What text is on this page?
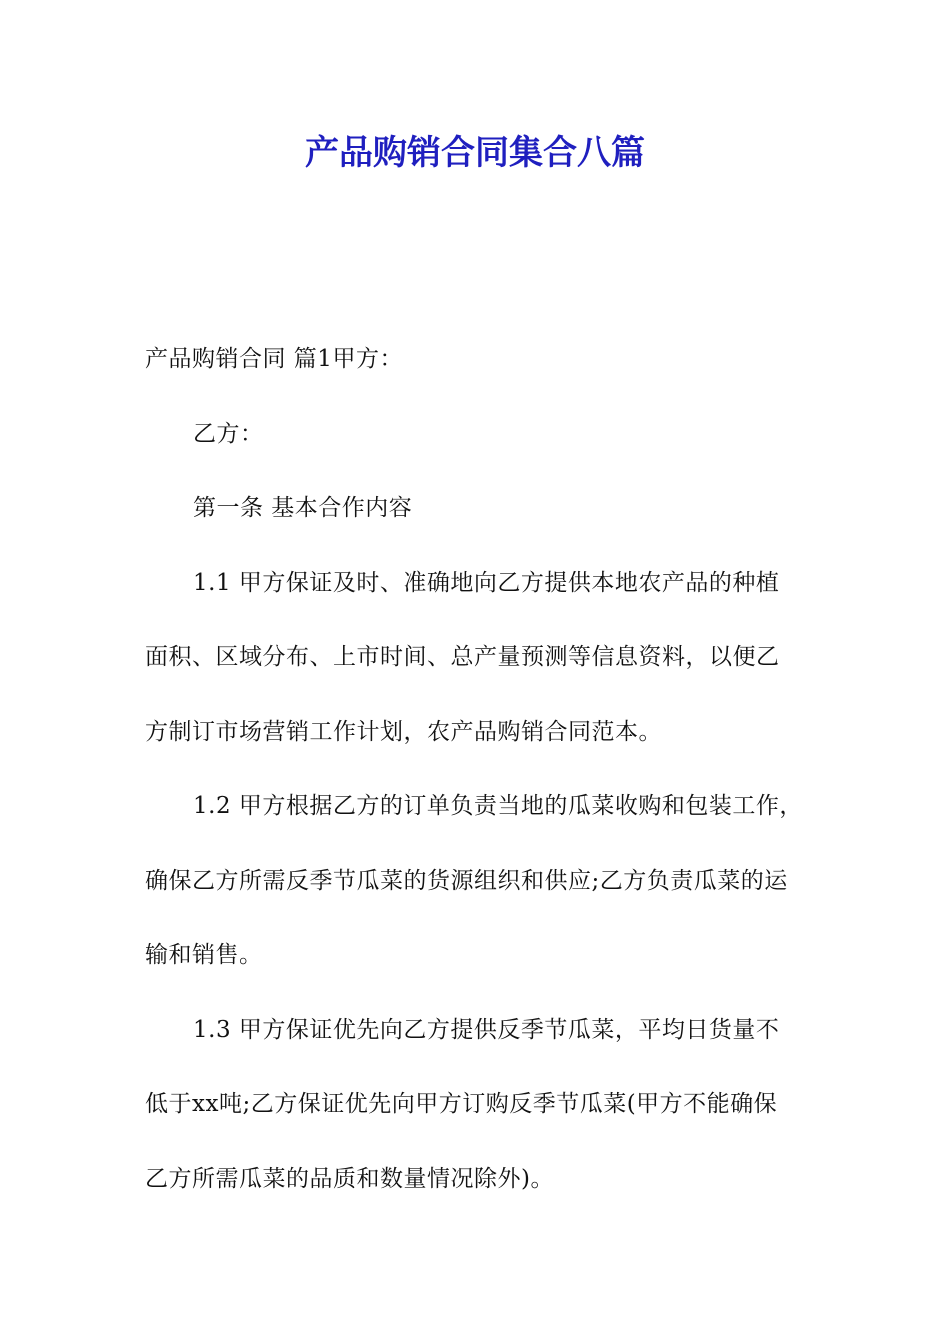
产品购销合同集合八篇
产品购销合同 篇1甲方：
乙方：
第一条 基本合作内容
1.1 甲方保证及时、准确地向乙方提供本地农产品的种植
面积、区域分布、上市时间、总产量预测等信息资料，以便乙
方制订市场营销工作计划，农产品购销合同范本。
1.2 甲方根据乙方的订单负责当地的瓜菜收购和包装工作，
确保乙方所需反季节瓜菜的货源组织和供应;乙方负责瓜菜的运
输和销售。
1.3 甲方保证优先向乙方提供反季节瓜菜，平均日货量不
低于xx吨;乙方保证优先向甲方订购反季节瓜菜(甲方不能确保
乙方所需瓜菜的品质和数量情况除外)。
